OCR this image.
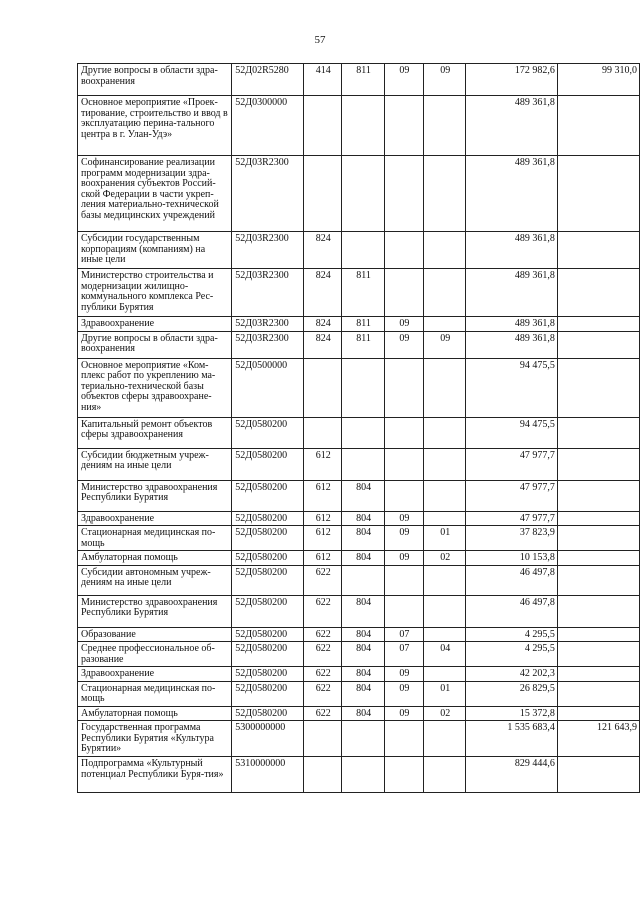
57
Другие вопросы в области здра-воохранения	52Д02R5280	414	811	09	09	172 982,6	99 310,0
Основное мероприятие «Проек-тирование, строительство и ввод в эксплуатацию перина-тального центра в г. Улан-Удэ»	52Д0300000					489 361,8	
Софинансирование реализации программ модернизации здра-воохранения субъектов Россий-ской Федерации в части укреп-ления материально-технической базы медицинских учреждений	52Д03R2300					489 361,8	
Субсидии государственным корпорациям (компаниям) на иные цели	52Д03R2300	824				489 361,8	
Министерство строительства и модернизации жилищно-коммунального комплекса Рес-публики Бурятия	52Д03R2300	824	811			489 361,8	
Здравоохранение	52Д03R2300	824	811	09		489 361,8	
Другие вопросы в области здра-воохранения	52Д03R2300	824	811	09	09	489 361,8	
Основное мероприятие «Ком-плекс работ по укреплению ма-териально-технической базы объектов сферы здравоохране-ния»	52Д0500000					94 475,5	
Капитальный ремонт объектов сферы здравоохранения	52Д0580200					94 475,5	
Субсидии бюджетным учреж-дениям на иные цели	52Д0580200	612				47 977,7	
Министерство здравоохранения Республики Бурятия	52Д0580200	612	804			47 977,7	
Здравоохранение	52Д0580200	612	804	09		47 977,7	
Стационарная медицинская по-мощь	52Д0580200	612	804	09	01	37 823,9	
Амбулаторная помощь	52Д0580200	612	804	09	02	10 153,8	
Субсидии автономным учреж-дениям на иные цели	52Д0580200	622				46 497,8	
Министерство здравоохранения Республики Бурятия	52Д0580200	622	804			46 497,8	
Образование	52Д0580200	622	804	07		4 295,5	
Среднее профессиональное об-разование	52Д0580200	622	804	07	04	4 295,5	
Здравоохранение	52Д0580200	622	804	09		42 202,3	
Стационарная медицинская по-мощь	52Д0580200	622	804	09	01	26 829,5	
Амбулаторная помощь	52Д0580200	622	804	09	02	15 372,8	
Государственная программа Республики Бурятия «Культура Бурятии»	5300000000					1 535 683,4	121 643,9
Подпрограмма «Культурный потенциал Республики Буря-тия»	5310000000					829 444,6	
